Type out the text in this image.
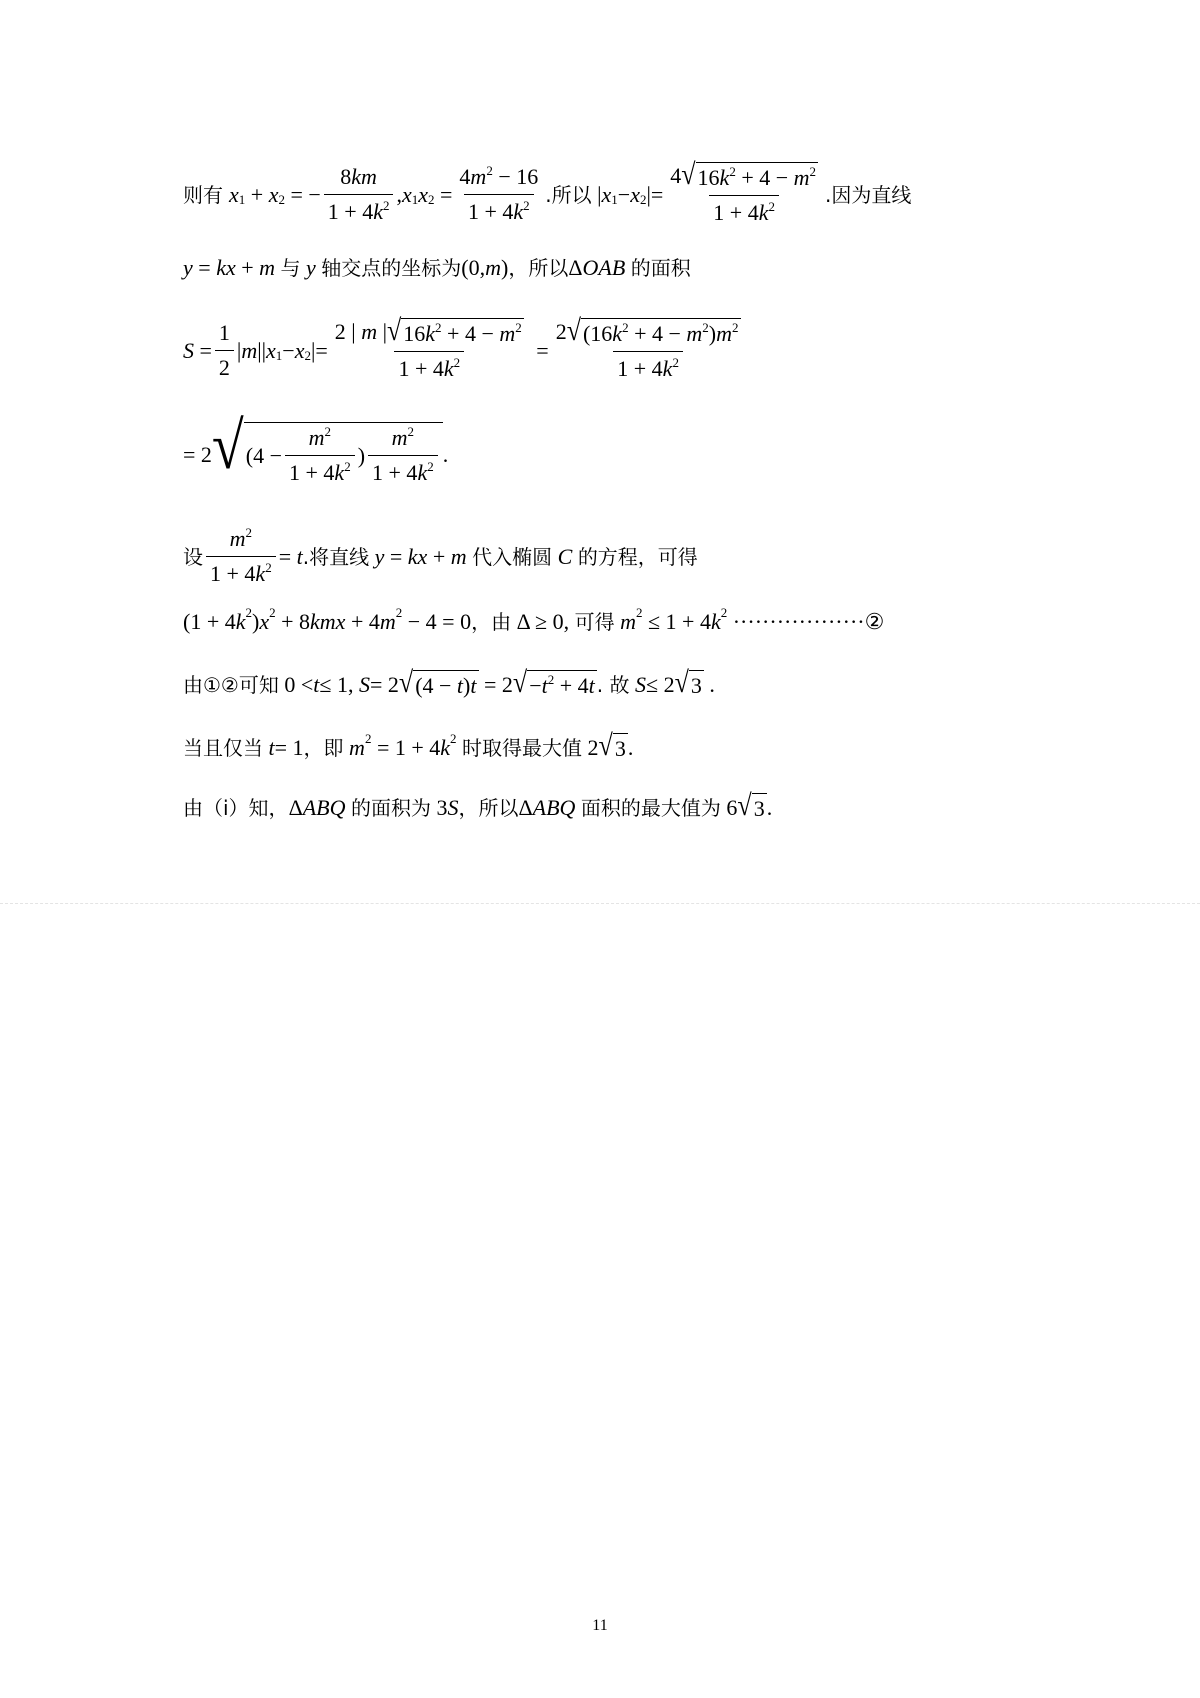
则有 $x_1 + x_2$ = − $\frac{8km}{1 + 4k^2}$ , $x_1$ $x_2 = \frac{4m^2 - 16}{1 + 4k^2}$ .所以 | $x_1 - x_2$ |= $\frac{4 √ 16k^2 + 4 - m^2}{1 + 4k^2}$ .因为直线
y = kx + m
与
y
轴交点的坐标为 (0, m ) ，所以 Δ OAB
的面积
$S = \frac{1}{2}$ | m || $x_1 - x_2$ |= $\frac{2 | m | √ 16k^2 + 4 - m^2}{1 + 4k^2} = \frac{2 √ (16k^2 + 4 - m^2)m^2}{1 + 4k^2}$
= 2 √ ($4 - \frac{m^2}{1 + 4k^2}$ ) $\frac{m^2}{1 + 4k^2}$ .
设 $\frac{m^2}{1 + 4k^2} = t$ .将直线
y = kx + m
代入椭圆
C
的方程，可得
(1 + 4 $k^2$ ) $x^2 + 8$ kmx + 4 $m^2 - 4 = 0$ ，由 Δ ≥ 0, 可得
$m^2 \le 1 + 4$ $k^2$
··················②
由①②可知 0 < t ≤ 1, S = 2 √ (4 − t)t = 2 √ $-t^2 + 4t$ . 故
S ≤ 2 √ 3 .
当且仅当
t = 1 ，即
$m^2 = 1 + 4$ $k^2$
时取得最大值 2 √ 3 .
由（i）知， Δ ABQ
的面积为 3 S ，所以 Δ ABQ
面积的最大值为 6 √ 3 .
11
